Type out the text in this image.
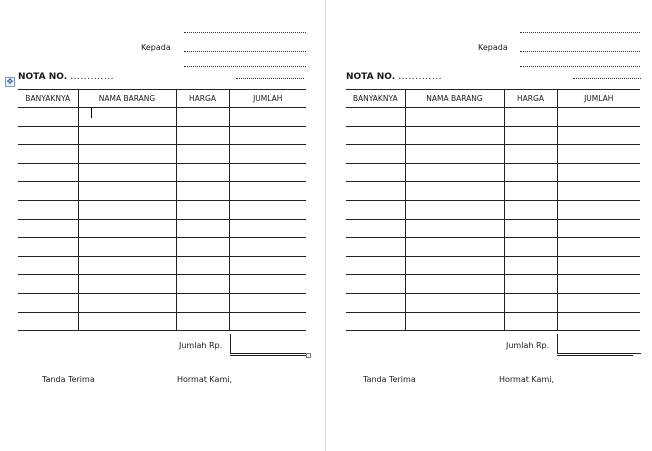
Kepada
NOTA NO. .............
BANYAKNYA	NAMA BARANG	HARGA	JUMLAH

Jumlah Rp.
Tanda Terima	Hormat Kami,
✥
Kepada
NOTA NO. .............
BANYAKNYA	NAMA BARANG	HARGA	JUMLAH

Jumlah Rp.
Tanda Terima	Hormat Kami,
